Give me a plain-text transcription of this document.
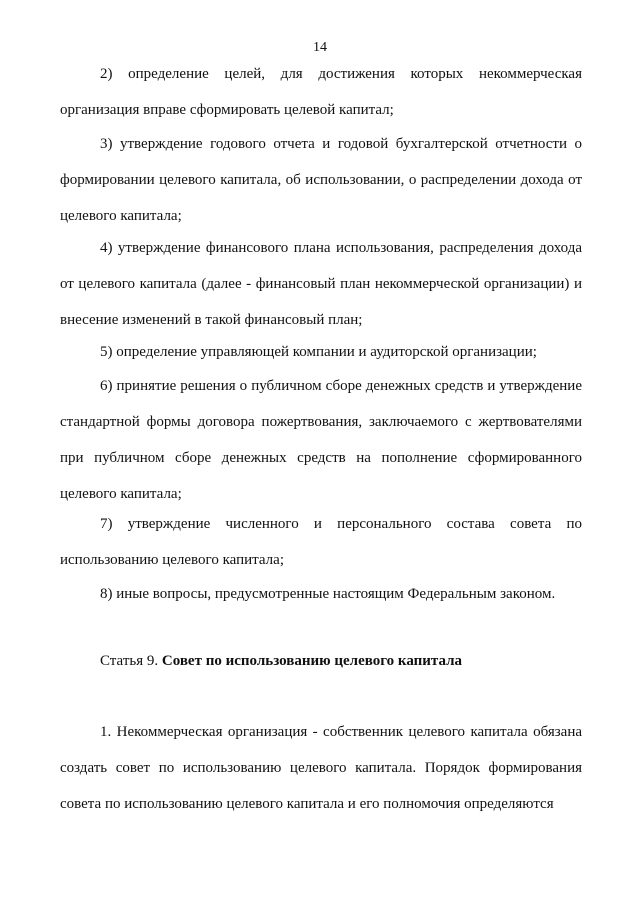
14

2) определение целей, для достижения которых некоммерческая организация вправе сформировать целевой капитал;

3) утверждение годового отчета и годовой бухгалтерской отчетности о формировании целевого капитала, об использовании, о распределении дохода от целевого капитала;

4) утверждение финансового плана использования, распределения дохода от целевого капитала (далее - финансовый план некоммерческой организации) и внесение изменений в такой финансовый план;

5) определение управляющей компании и аудиторской организации;

6) принятие решения о публичном сборе денежных средств и утверждение стандартной формы договора пожертвования, заключаемого с жертвователями при публичном сборе денежных средств на пополнение сформированного целевого капитала;

7) утверждение численного и персонального состава совета по использованию целевого капитала;

8) иные вопросы, предусмотренные настоящим Федеральным законом.

Статья 9. Совет по использованию целевого капитала

1. Некоммерческая организация - собственник целевого капитала обязана создать совет по использованию целевого капитала. Порядок формирования совета по использованию целевого капитала и его полномочия определяются
